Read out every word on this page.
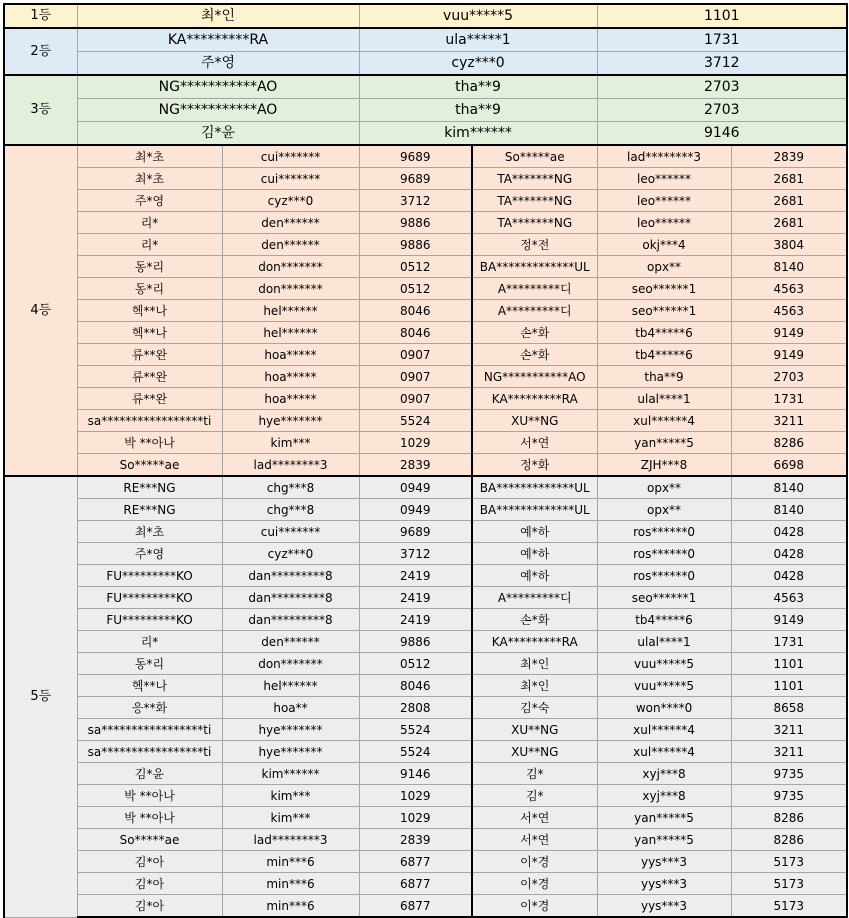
1등	최*인		vuu*****5		1101	
2등	KA*********RA		ula*****1		1731	
	주*영		cyz***0		3712	
3등	NG***********AO		tha**9		2703	
	NG***********AO		tha**9		2703	
	김*윤		kim******		9146	
4등	최*초	cui*******	9689	So*****ae	lad********3	2839
	최*초	cui*******	9689	TA*******NG	leo******	2681
	주*영	cyz***0	3712	TA*******NG	leo******	2681
	리*	den******	9886	TA*******NG	leo******	2681
	리*	den******	9886	정*전	okj***4	3804
	동*리	don*******	0512	BA*************UL	opx**	8140
	동*리	don*******	0512	A*********디	seo******1	4563
	헥**나	hel******	8046	A*********디	seo******1	4563
	헥**나	hel******	8046	손*화	tb4*****6	9149
	류**완	hoa*****	0907	손*화	tb4*****6	9149
	류**완	hoa*****	0907	NG***********AO	tha**9	2703
	류**완	hoa*****	0907	KA*********RA	ulal****1	1731
	sa*****************ti	hye*******	5524	XU**NG	xul******4	3211
	박 **아나	kim***	1029	서*연	yan*****5	8286
	So*****ae	lad********3	2839	정*화	ZJH***8	6698
5등	RE***NG	chg***8	0949	BA*************UL	opx**	8140
	RE***NG	chg***8	0949	BA*************UL	opx**	8140
	최*초	cui*******	9689	예*하	ros******0	0428
	주*영	cyz***0	3712	예*하	ros******0	0428
	FU*********KO	dan*********8	2419	예*하	ros******0	0428
	FU*********KO	dan*********8	2419	A*********디	seo******1	4563
	FU*********KO	dan*********8	2419	손*화	tb4*****6	9149
	리*	den******	9886	KA*********RA	ulal****1	1731
	동*리	don*******	0512	최*인	vuu*****5	1101
	헥**나	hel******	8046	최*인	vuu*****5	1101
	응**화	hoa**	2808	김*숙	won****0	8658
	sa*****************ti	hye*******	5524	XU**NG	xul******4	3211
	sa*****************ti	hye*******	5524	XU**NG	xul******4	3211
	김*윤	kim******	9146	김*	xyj***8	9735
	박 **아나	kim***	1029	김*	xyj***8	9735
	박 **아나	kim***	1029	서*연	yan*****5	8286
	So*****ae	lad********3	2839	서*연	yan*****5	8286
	김*아	min***6	6877	이*경	yys***3	5173
	김*아	min***6	6877	이*경	yys***3	5173
	김*아	min***6	6877	이*경	yys***3	5173
